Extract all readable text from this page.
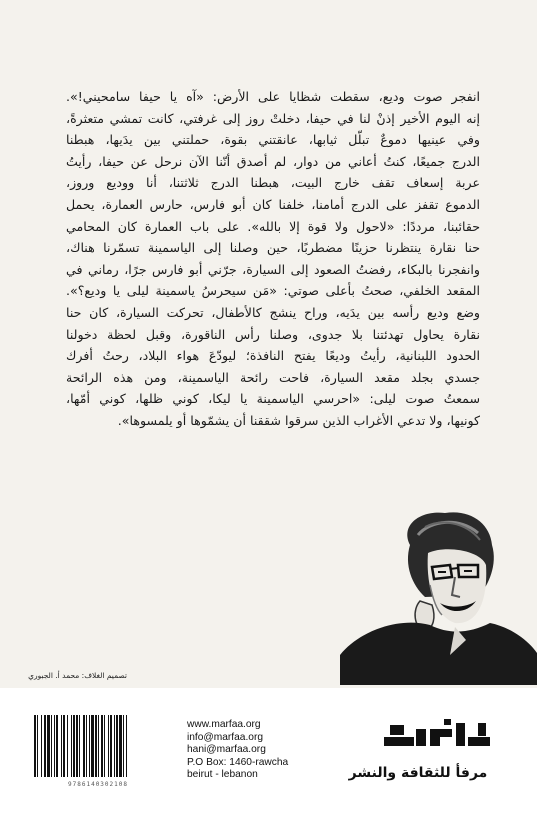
انفجر صوت وديع، سقطت شظايا على الأرض: «آه يا حيفا سامحيني!».
إنه اليوم الأخير إذنْ لنا في حيفا، دخلتْ روز إلى غرفتي، كانت تمشي متعثرةً،
وفي عينيها دموعٌ تبلّل ثيابها، عانقتني بقوة، حملتني بين يدَيها، هبطنا
الدرج جميعًا، كنتُ أعاني من دوار، لم أصدق أنّنا الآن نرحل عن حيفا، رأيتُ
عربة إسعاف تقف خارج البيت، هبطنا الدرج ثلاثتنا، أنا ووديع وروز،
الدموع تقفز على الدرج أمامنا، خلفنا كان أبو فارس، حارس العمارة، يحمل
حقائبنا، مرددًا: «لاحول ولا قوة إلا بالله». على باب العمارة كان المحامي
حنا نقارة ينتظرنا حزينًا مضطربًا، حين وصلنا إلى الياسمينة تسمّرنا هناك،
وانفجرنا بالبكاء، رفضتُ الصعود إلى السيارة، جرّني أبو فارس جرًا، رماني في
المقعد الخلفي، صحتُ بأعلى صوتي: «مَن سيحرسُ ياسمينة ليلى يا وديع؟».
وضع وديع رأسه بين يدَيه، وراح ينشج كالأطفال، تحركت السيارة، كان حنا
نقارة يحاول تهدئتنا بلا جدوى، وصلنا رأس الناقورة، وقبل لحظة دخولنا
الحدود اللبنانية، رأيتُ وديعًا يفتح النافذة؛ ليودّعَ هواء البلاد، رحتُ أفرك
جسدي بجلد مقعد السيارة، فاحت رائحة الياسمينة، ومن هذه الرائحة
سمعتُ صوت ليلى: «احرسي الياسمينة يا ليكا، كوني ظلها، كوني أمّها،
كونيها، ولا تدعي الأغراب الذين سرقوا شققنا أن يشمّوها أو يلمسوها».
تصميم الغلاف: محمد أ. الجبوري
9786140302108
www.marfaa.org
info@marfaa.org
hani@marfaa.org
P.O Box: 1460-rawcha
beirut - lebanon	مرفأ للثقافة والنشر
